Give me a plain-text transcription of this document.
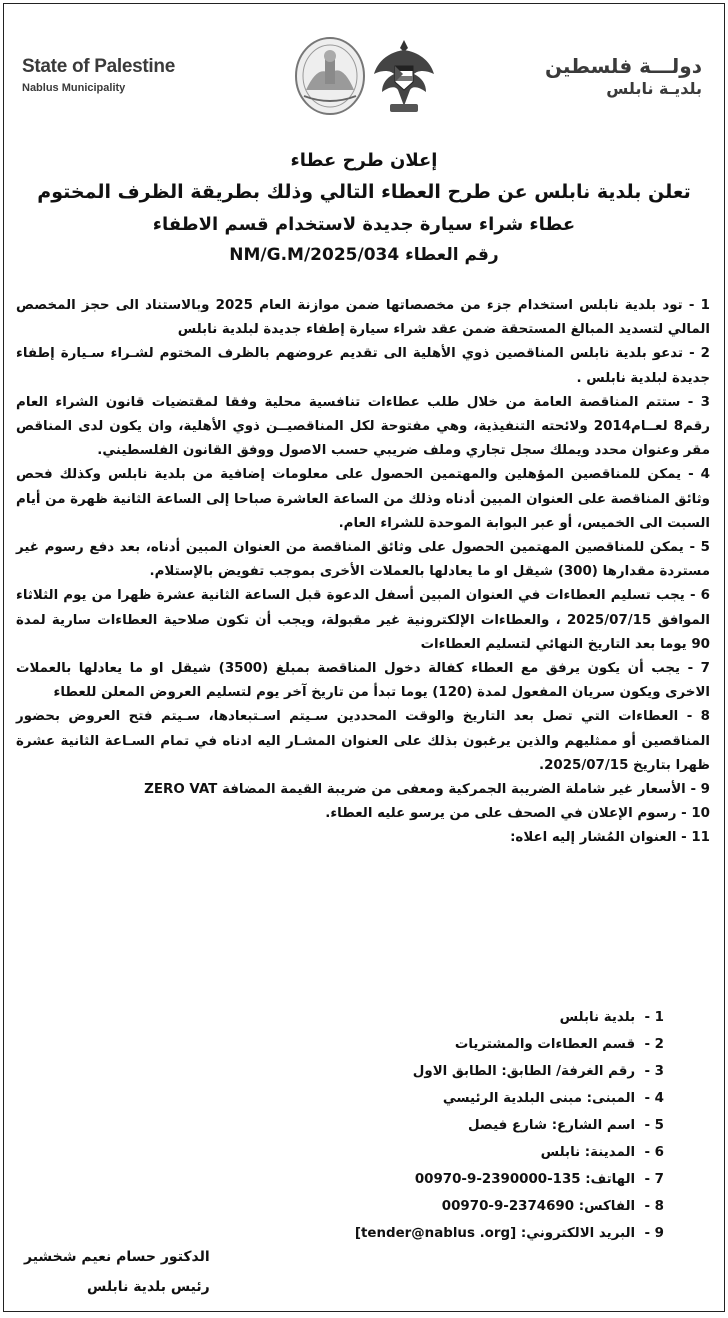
State of Palestine
Nablus Municipality
دولـــة فلسطين
بلديـة نابلس
إعلان طرح عطاء
تعلن بلدية نابلس عن طرح العطاء التالي وذلك بطريقة الظرف المختوم
عطاء شراء سيارة جديدة لاستخدام قسم الاطفاء
رقم العطاء NM/G.M/2025/034

1 - تود بلدية نابلس استخدام جزء من مخصصاتها ضمن موازنة العام 2025 وبالاستناد الى حجز المخصص المالي لتسديد المبالغ المستحقة ضمن عقد شراء سيارة إطفاء جديدة لبلدية نابلس

2 - تدعو بلدية نابلس المناقصين ذوي الأهلية الى تقديم عروضهم بالظرف المختوم لشـراء سـيارة إطفاء جديدة لبلدية نابلس .

3 - ستتم المناقصة العامة من خلال طلب عطاءات تنافسية محلية وفقا لمقتضيات قانون الشراء العام رقم8 لعــام2014 ولائحته التنفيذية، وهي مفتوحة لكل المناقصيــن ذوي الأهلية، وان يكون لدى المناقص مقر وعنوان محدد ويملك سجل تجاري وملف ضريبي حسب الاصول ووفق القانون الفلسطيني.

4 - يمكن للمناقصين المؤهلين والمهتمين الحصول على معلومات إضافية من بلدية نابلس وكذلك فحص وثائق المناقصة على العنوان المبين أدناه وذلك من الساعة العاشرة صباحا إلى الساعة الثانية ظهرة من أيام السبت الى الخميس، أو عبر البوابة الموحدة للشراء العام.

5 - يمكن للمناقصين المهتمين الحصول على وثائق المناقصة من العنوان المبين أدناه، بعد دفع رسوم غير مستردة مقدارها (300) شيقل او ما يعادلها بالعملات الأخرى بموجب تفويض بالإستلام.

6 - يجب تسليم العطاءات في العنوان المبين أسفل الدعوة قبل الساعة الثانية عشرة ظهرا من يوم الثلاثاء الموافق 2025/07/15 ، والعطاءات الإلكترونية غير مقبولة، ويجب أن تكون صلاحية العطاءات سارية لمدة 90 يوما بعد التاريخ النهائي لتسليم العطاءات

7 - يجب أن يكون يرفق مع العطاء كفالة دخول المناقصة بمبلغ (3500) شيقل او ما يعادلها بالعملات الاخرى ويكون سريان المفعول لمدة (120) يوما تبدأ من تاريخ آخر يوم لتسليم العروض المعلن للعطاء

8 - العطاءات التي تصل بعد التاريخ والوقت المحددين سـيتم اسـتبعادها، سـيتم فتح العروض بحضور المناقصين أو ممثليهم والذين يرغبون بذلك على العنوان المشـار اليه ادناه في تمام السـاعة الثانية عشرة ظهرا بتاريخ 2025/07/15.

9 - الأسعار غير شاملة الضريبة الجمركية ومعفى من ضريبة القيمة المضافة ZERO VAT

10 - رسوم الإعلان في الصحف على من يرسو عليه العطاء.

11 - العنوان المُشار إليه اعلاه:

1 -  بلدية نابلس
2 -  قسم العطاءات والمشتريات
3 -  رقم الغرفة/ الطابق: الطابق الاول
4 -  المبنى: مبنى البلدية الرئيسي
5 -  اسم الشارع: شارع فيصل
6 -  المدينة: نابلس
7 -  الهاتف: 135-2390000-9-00970
8 -  الفاكس: 2374690-9-00970
9 -  البريد الالكتروني: [tender@nablus .org]
الدكتور حسام نعيم شخشير
رئيس بلدية نابلس
